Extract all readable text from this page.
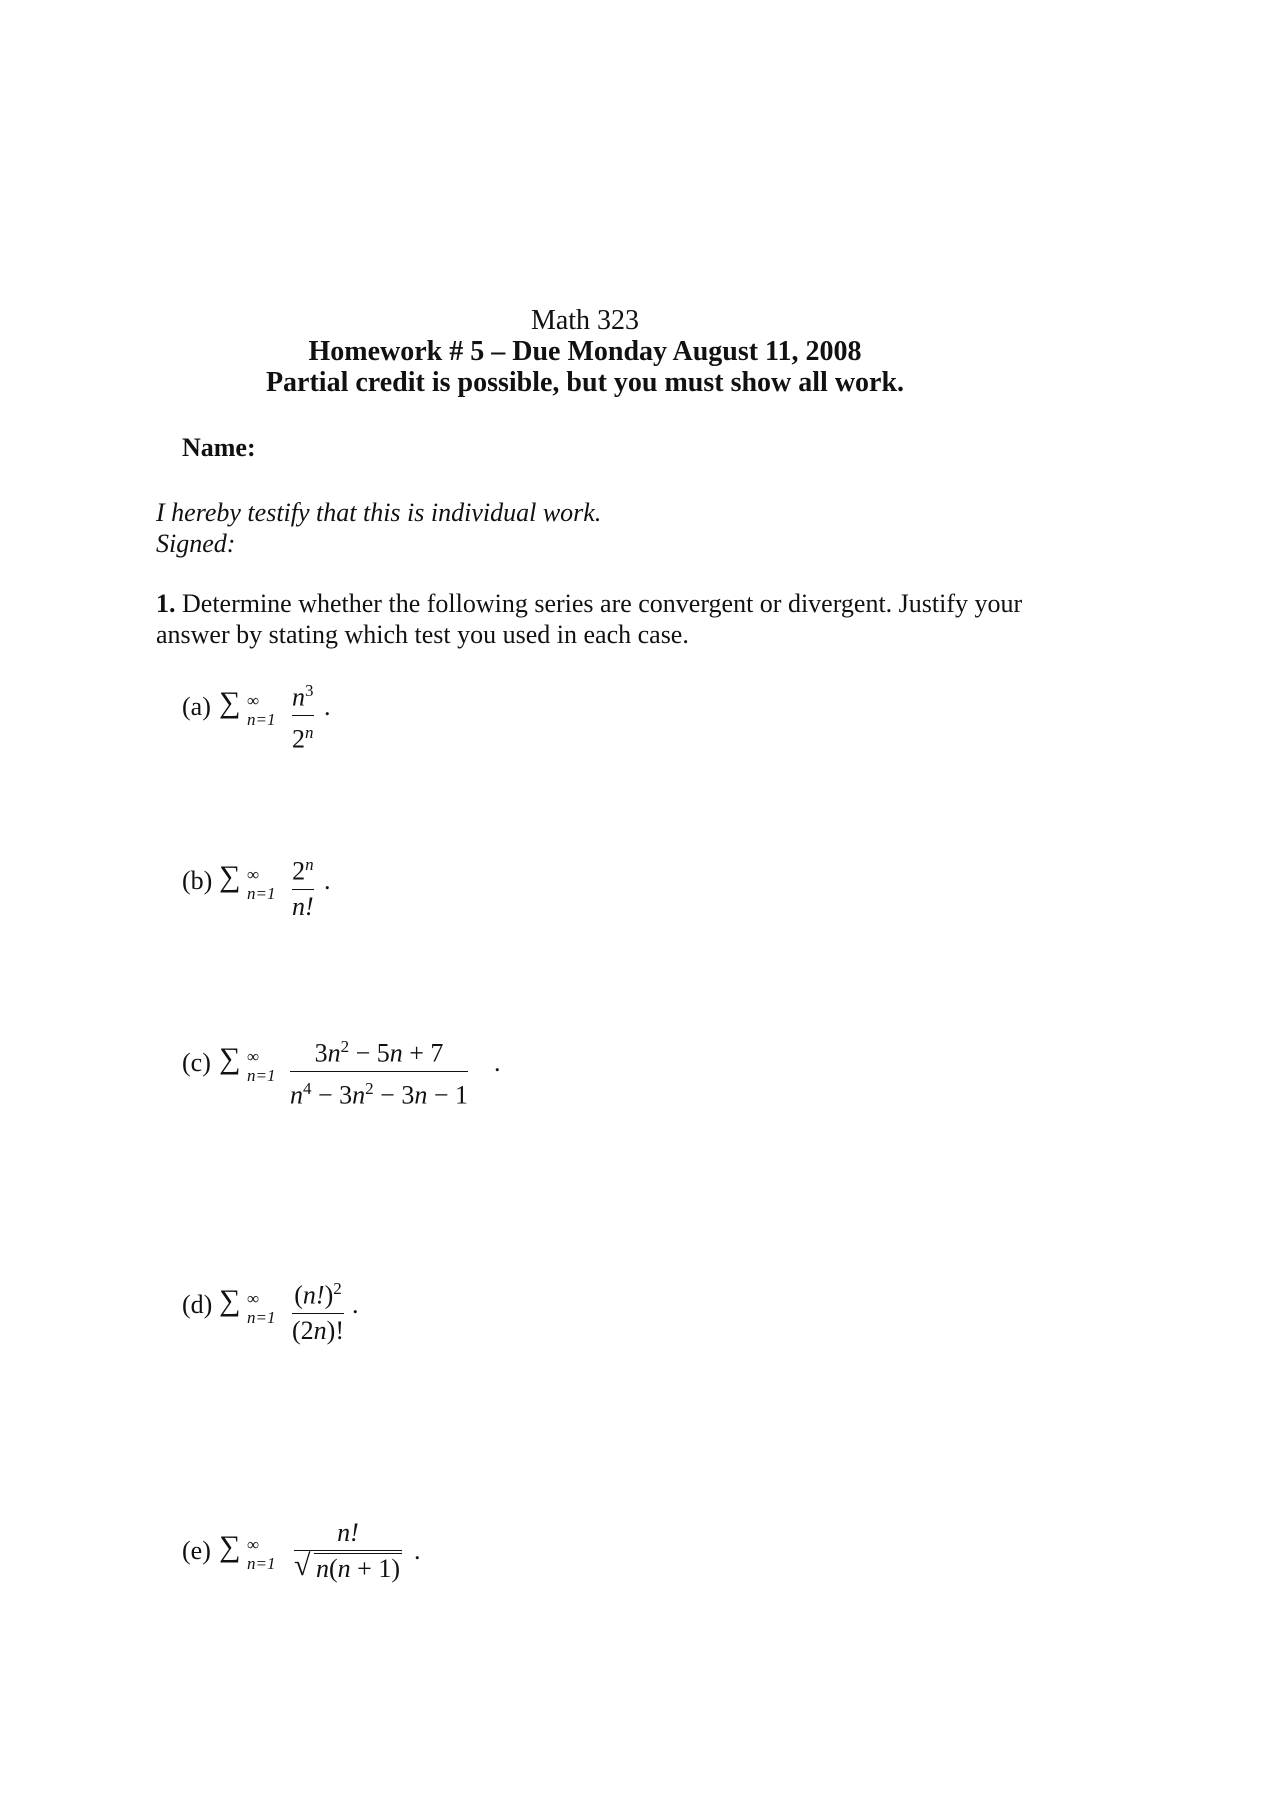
Math 323
Homework # 5 – Due Monday August 11, 2008
Partial credit is possible, but you must show all work.
Name:
I hereby testify that this is individual work.
Signed:
1. Determine whether the following series are convergent or divergent. Justify your answer by stating which test you used in each case.
(a) ∑ ∞
n=1
$n^3$
2$^n$
.
(b) ∑ ∞
n=1
2$^n$
n!
.
(c) ∑ ∞
n=1
$3n^2 - 5n + 7$
$n^4 - 3n^2 - 3n - 1$
.
(d) ∑ ∞
n=1
$(n!)^2$
(2n)!
.
(e) ∑ ∞
n=1
n!
√ n(n + 1)
.
